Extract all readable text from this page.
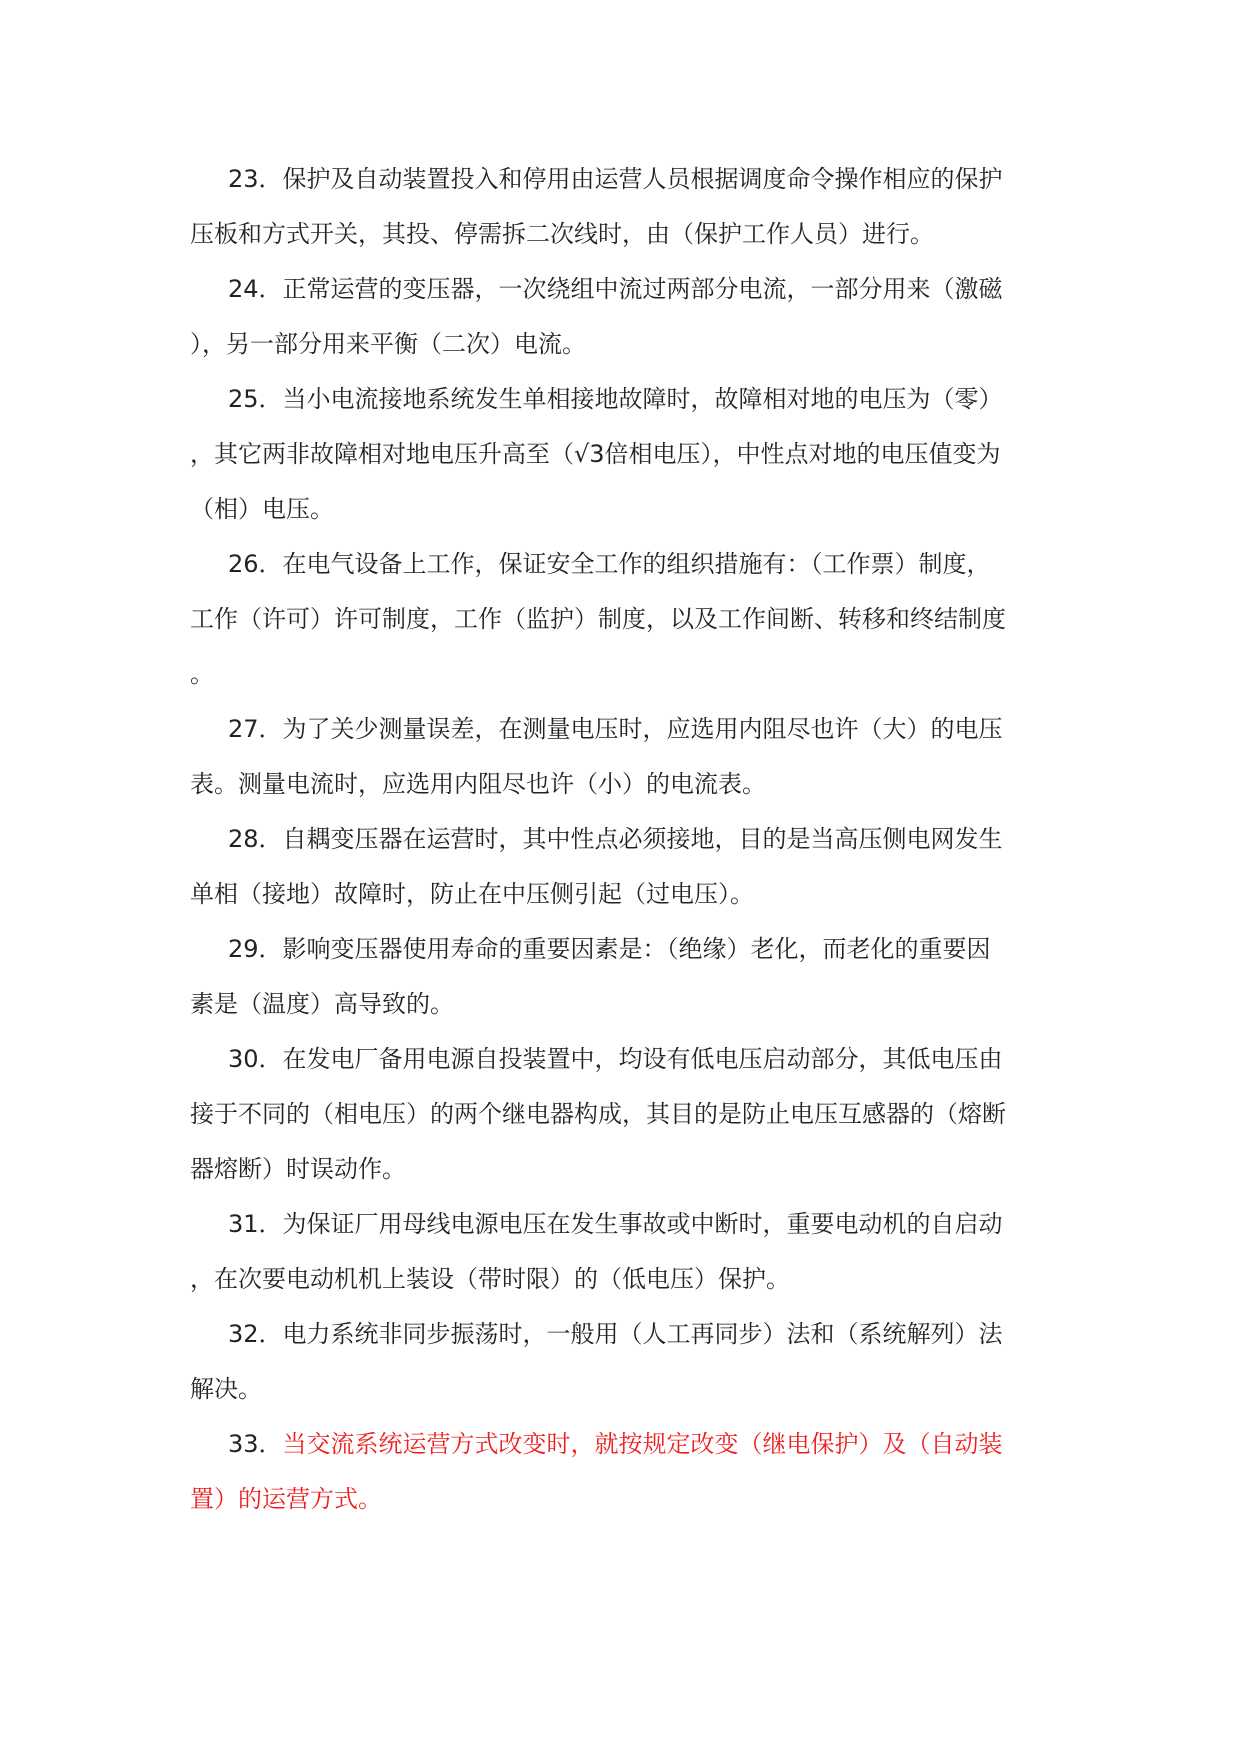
23．保护及自动装置投入和停用由运营人员根据调度命令操作相应的保护
压板和方式开关，其投、停需拆二次线时，由（保护工作人员）进行。
24．正常运营的变压器，一次绕组中流过两部分电流，一部分用来（激磁
），另一部分用来平衡（二次）电流。
25．当小电流接地系统发生单相接地故障时，故障相对地的电压为（零）
，其它两非故障相对地电压升高至（√3倍相电压），中性点对地的电压值变为
（相）电压。
26．在电气设备上工作，保证安全工作的组织措施有：（工作票）制度，
工作（许可）许可制度，工作（监护）制度，以及工作间断、转移和终结制度
。
27．为了关少测量误差，在测量电压时，应选用内阻尽也许（大）的电压
表。测量电流时，应选用内阻尽也许（小）的电流表。
28．自耦变压器在运营时，其中性点必须接地，目的是当高压侧电网发生
单相（接地）故障时，防止在中压侧引起（过电压）。
29．影响变压器使用寿命的重要因素是：（绝缘）老化，而老化的重要因
素是（温度）高导致的。
30．在发电厂备用电源自投装置中，均设有低电压启动部分，其低电压由
接于不同的（相电压）的两个继电器构成，其目的是防止电压互感器的（熔断
器熔断）时误动作。
31．为保证厂用母线电源电压在发生事故或中断时，重要电动机的自启动
，在次要电动机机上装设（带时限）的（低电压）保护。
32．电力系统非同步振荡时，一般用（人工再同步）法和（系统解列）法
解决。
33．当交流系统运营方式改变时，就按规定改变（继电保护）及（自动装
置）的运营方式。
